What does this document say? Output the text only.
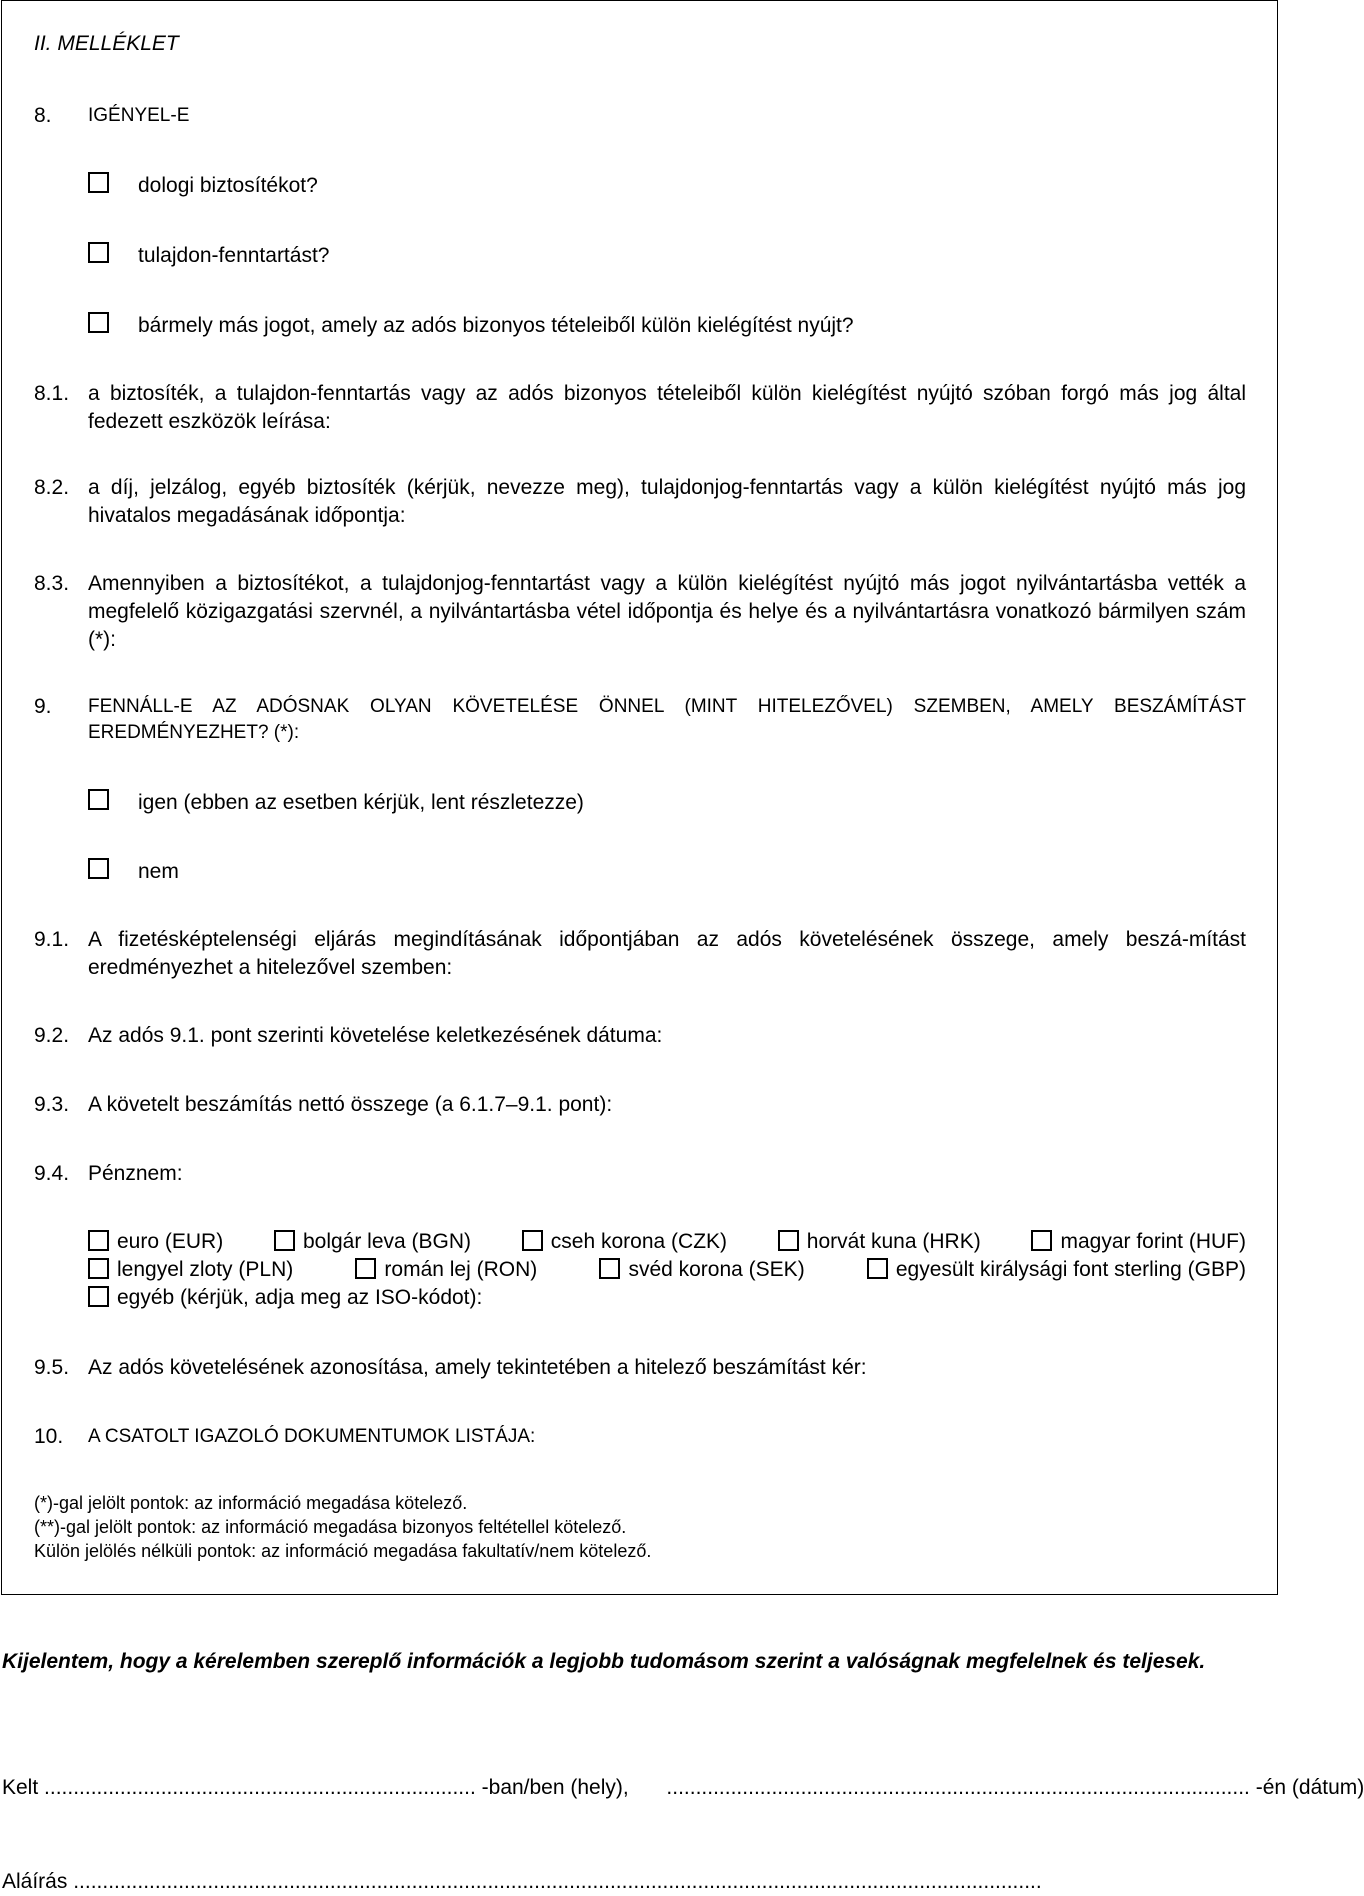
II. MELLÉKLET
8. IGÉNYEL-E
dologi biztosítékot?
tulajdon-fenntartást?
bármely más jogot, amely az adós bizonyos tételeiből külön kielégítést nyújt?
8.1. a biztosíték, a tulajdon-fenntartás vagy az adós bizonyos tételeiből külön kielégítést nyújtó szóban forgó más jog által fedezett eszközök leírása:
8.2. a díj, jelzálog, egyéb biztosíték (kérjük, nevezze meg), tulajdonjog-fenntartás vagy a külön kielégítést nyújtó más jog hivatalos megadásának időpontja:
8.3. Amennyiben a biztosítékot, a tulajdonjog-fenntartást vagy a külön kielégítést nyújtó más jogot nyilvántartásba vették a megfelelő közigazgatási szervnél, a nyilvántartásba vétel időpontja és helye és a nyilvántartásra vonatkozó bármilyen szám (*):
9. FENNÁLL-E AZ ADÓSNAK OLYAN KÖVETELÉSE ÖNNEL (MINT HITELEZŐVEL) SZEMBEN, AMELY BESZÁMÍTÁST EREDMÉNYEZHET? (*):
igen (ebben az esetben kérjük, lent részletezze)
nem
9.1. A fizetésképtelenségi eljárás megindításának időpontjában az adós követelésének összege, amely beszá-mítást eredményezhet a hitelezővel szemben:
9.2. Az adós 9.1. pont szerinti követelése keletkezésének dátuma:
9.3. A követelt beszámítás nettó összege (a 6.1.7–9.1. pont):
9.4. Pénznem:
euro (EUR)	bolgár leva (BGN)	cseh korona (CZK)	horvát kuna (HRK)	magyar forint (HUF)
lengyel zloty (PLN)	román lej (RON)	svéd korona (SEK)	egyesült királysági font sterling (GBP)
egyéb (kérjük, adja meg az ISO-kódot):
9.5. Az adós követelésének azonosítása, amely tekintetében a hitelező beszámítást kér:
10. A CSATOLT IGAZOLÓ DOKUMENTUMOK LISTÁJA:
(*)-gal jelölt pontok: az információ megadása kötelező.
(**)-gal jelölt pontok: az információ megadása bizonyos feltétellel kötelező.
Külön jelölés nélküli pontok: az információ megadása fakultatív/nem kötelező.
Kijelentem, hogy a kérelemben szereplő információk a legjobb tudomásom szerint a valóságnak megfelelnek és teljesek.
Kelt .......................................................................... -ban/ben (hely), .................................................................................................... -én (dátum)
Aláírás ......................................................................................................................................................................
